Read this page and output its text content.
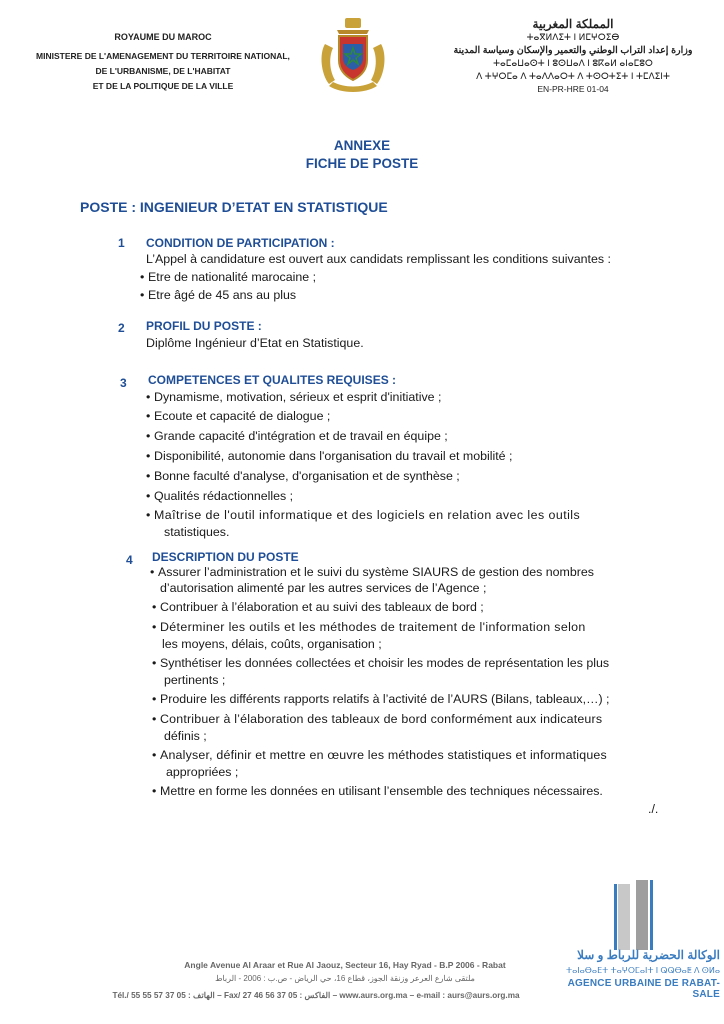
ROYAUME DU MAROC
MINISTERE DE L'AMENAGEMENT DU TERRITOIRE NATIONAL,
DE L'URBANISME, DE L'HABITAT
ET DE LA POLITIQUE DE LA VILLE
المملكة المغربية
ⵜⴰⴳⵍⴷⵉⵜ ⵏ ⵍⵎⵖⵔⵉⴱ
وزارة إعداد التراب الوطني والتعمير والإسكان وسياسة المدينة
ⵜⴰⵎⴰⵡⴰⵙⵜ ⵏ ⵓⵙⵡⴰⴷ ⵏ ⵓⴽⴰⵍ ⴰⵏⴰⵎⵓⵔ
ⴷ ⵜⵖⵔⵎⴰ ⴷ ⵜⴰⴷⴷⴰⵔⵜ ⴷ ⵜⵙⵔⵜⵉⵜ ⵏ ⵜⵎⴷⵉⵏⵜ
EN-PR-HRE 01-04
ANNEXE
FICHE DE POSTE
POSTE : INGENIEUR D’ETAT EN STATISTIQUE
1 CONDITION DE PARTICIPATION :
L’Appel à candidature est ouvert aux candidats remplissant les conditions suivantes :
• Etre de nationalité marocaine ;
• Etre âgé de 45 ans au plus
2 PROFIL DU POSTE :
Diplôme Ingénieur d’Etat en Statistique.
3 COMPETENCES ET QUALITES REQUISES :
• Dynamisme, motivation, sérieux et esprit d'initiative ;
• Ecoute et capacité de dialogue ;
• Grande capacité d'intégration et de travail en équipe ;
• Disponibilité, autonomie dans l'organisation du travail et mobilité ;
• Bonne faculté d'analyse, d'organisation et de synthèse ;
• Qualités rédactionnelles ;
• Maîtrise de l'outil informatique et des logiciels en relation avec les outils
statistiques.
4 DESCRIPTION DU POSTE
• Assurer l’administration et le suivi du système SIAURS de gestion des nombres
d’autorisation alimenté par les autres services de l’Agence ;
• Contribuer à l’élaboration et au suivi des tableaux de bord ;
• Déterminer les outils et les méthodes de traitement de l'information selon
les moyens, délais, coûts, organisation ;
• Synthétiser les données collectées et choisir les modes de représentation les plus
pertinents ;
• Produire les différents rapports relatifs à l’activité de l’AURS (Bilans, tableaux,…) ;
• Contribuer à l’élaboration des tableaux de bord conformément aux indicateurs
définis ;
• Analyser, définir et mettre en œuvre les méthodes statistiques et informatiques
appropriées ;
• Mettre en forme les données en utilisant l’ensemble des techniques nécessaires.
./.
Angle Avenue Al Araar et Rue Al Jaouz, Secteur 16, Hay Ryad - B.P 2006 - Rabat
ملتقى شارع العرعر وزنقة الجوز، قطاع 16، حي الرياض - ص.ب : 2006 - الرباط
Tél./ الهاتف : 05 37 57 55 55 – Fax/ الفاكس : 05 37 56 46 27 – www.aurs.org.ma – e-mail : aurs@aurs.org.ma
الوكالة الحضرية للرباط و سلا
ⵜⴰⵏⴰⴱⴰⴹⵜ ⵜⴰⵖⵔⵎⴰⵏⵜ ⵏ ⵕⵕⴱⴰⵟ ⴷ ⵙⵍⴰ
AGENCE URBAINE DE RABAT-SALE
